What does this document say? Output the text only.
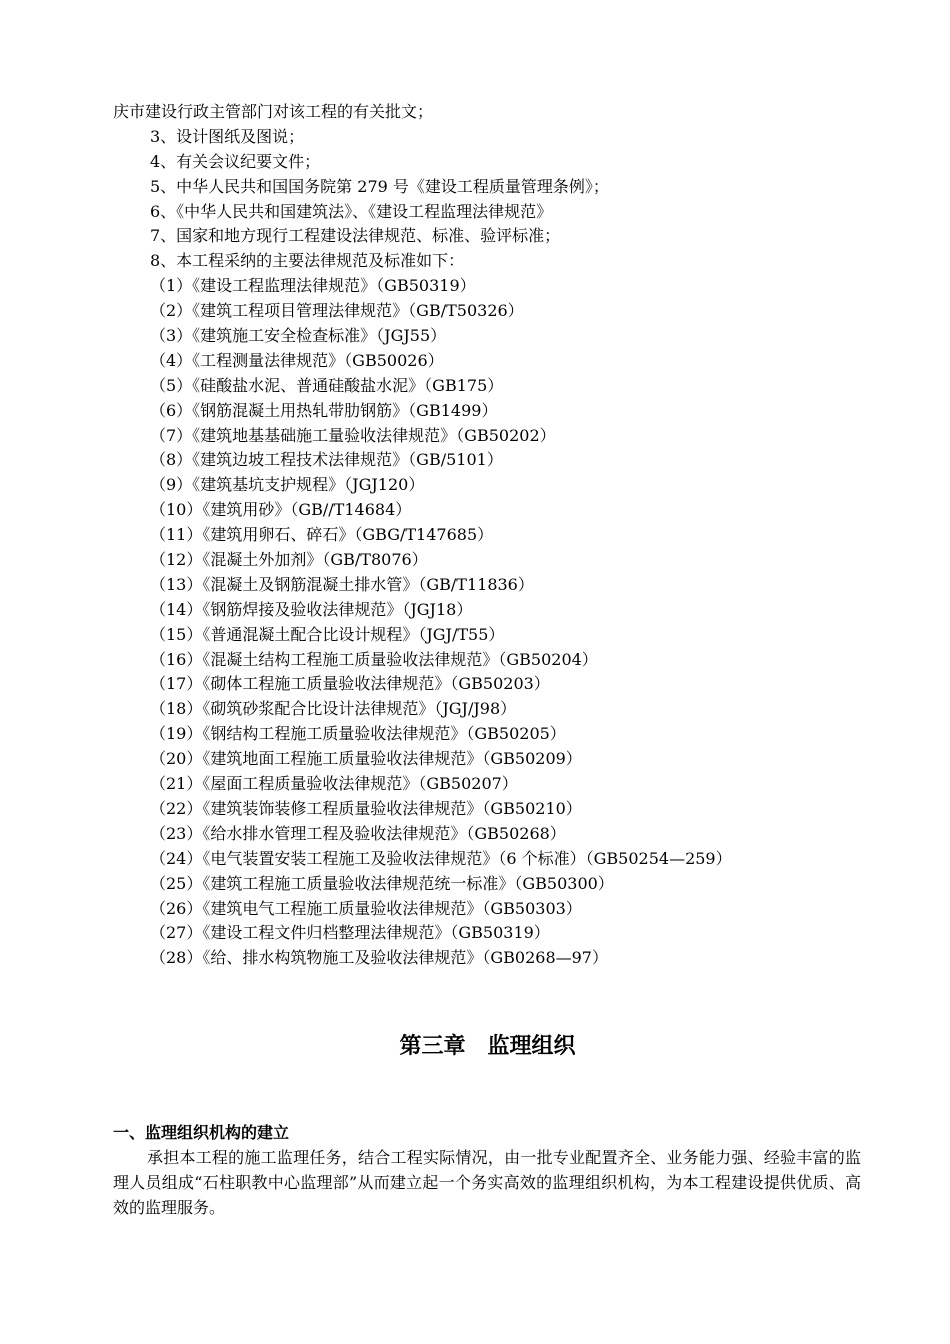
庆市建设行政主管部门对该工程的有关批文；
3、设计图纸及图说；
4、有关会议纪要文件；
5、中华人民共和国国务院第 279 号《建设工程质量管理条例》；
6、《中华人民共和国建筑法》、《建设工程监理法律规范》
7、国家和地方现行工程建设法律规范、标准、验评标准；
8、本工程采纳的主要法律规范及标准如下：
（1）《建设工程监理法律规范》（GB50319）
（2）《建筑工程项目管理法律规范》（GB/T50326）
（3）《建筑施工安全检查标准》（JGJ55）
（4）《工程测量法律规范》（GB50026）
（5）《硅酸盐水泥、普通硅酸盐水泥》（GB175）
（6）《钢筋混凝土用热轧带肋钢筋》（GB1499）
（7）《建筑地基基础施工量验收法律规范》（GB50202）
（8）《建筑边坡工程技术法律规范》（GB/5101）
（9）《建筑基坑支护规程》（JGJ120）
（10）《建筑用砂》（GB//T14684）
（11）《建筑用卵石、碎石》（GBG/T147685）
（12）《混凝土外加剂》（GB/T8076）
（13）《混凝土及钢筋混凝土排水管》（GB/T11836）
（14）《钢筋焊接及验收法律规范》（JGJ18）
（15）《普通混凝土配合比设计规程》（JGJ/T55）
（16）《混凝土结构工程施工质量验收法律规范》（GB50204）
（17）《砌体工程施工质量验收法律规范》（GB50203）
（18）《砌筑砂浆配合比设计法律规范》（JGJ/J98）
（19）《钢结构工程施工质量验收法律规范》（GB50205）
（20）《建筑地面工程施工质量验收法律规范》（GB50209）
（21）《屋面工程质量验收法律规范》（GB50207）
（22）《建筑装饰装修工程质量验收法律规范》（GB50210）
（23）《给水排水管理工程及验收法律规范》（GB50268）
（24）《电气装置安装工程施工及验收法律规范》（6 个标准）（GB50254—259）
（25）《建筑工程施工质量验收法律规范统一标准》（GB50300）
（26）《建筑电气工程施工质量验收法律规范》（GB50303）
（27）《建设工程文件归档整理法律规范》（GB50319）
（28）《给、排水构筑物施工及验收法律规范》（GB0268—97）
第三章　监理组织
一、监理组织机构的建立

承担本工程的施工监理任务，结合工程实际情况，由一批专业配置齐全、业务能力强、经验丰富的监理人员组成“石柱职教中心监理部”从而建立起一个务实高效的监理组织机构，为本工程建设提供优质、高效的监理服务。
